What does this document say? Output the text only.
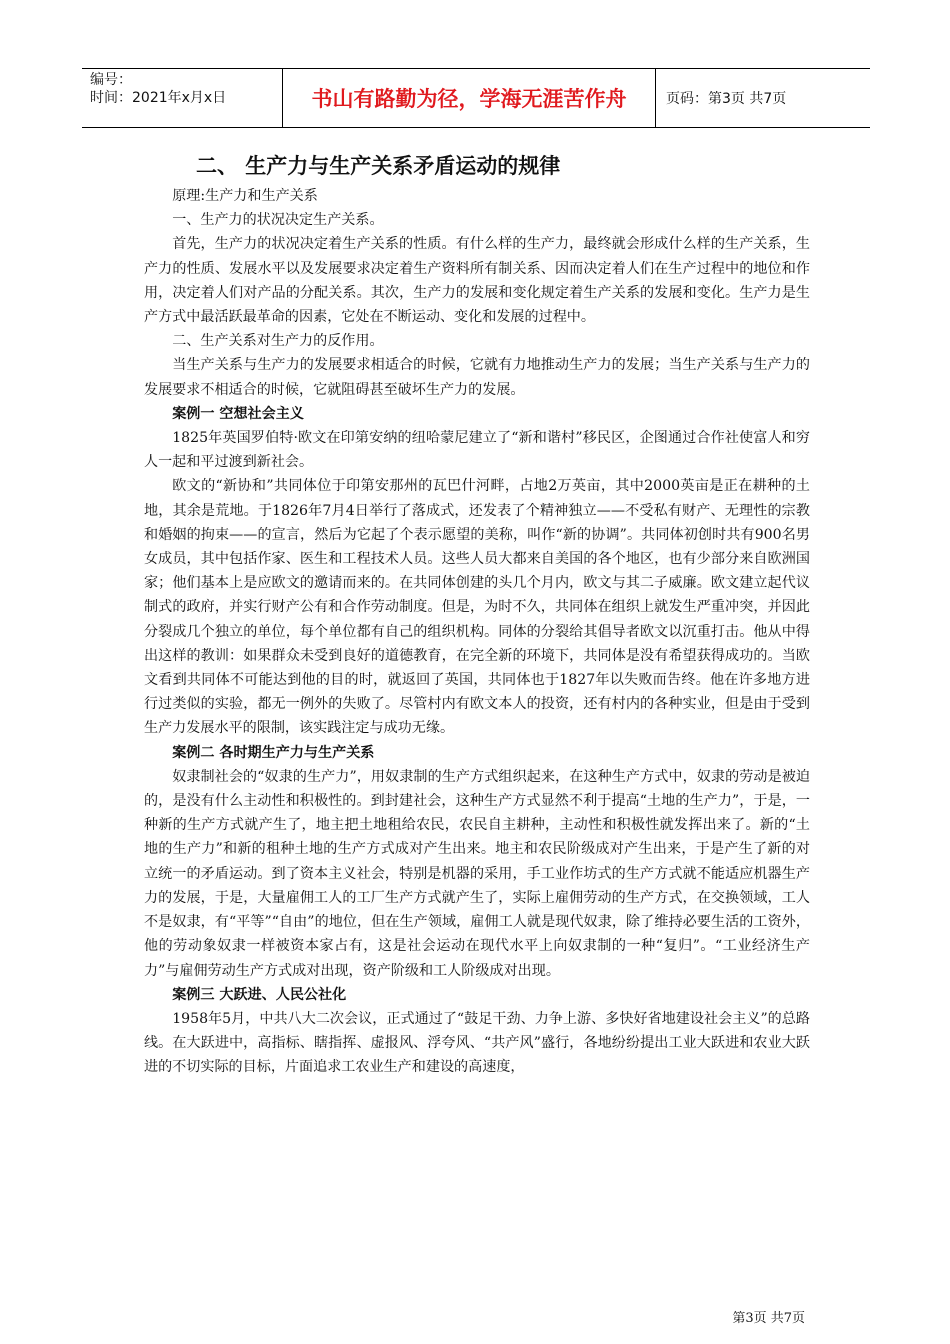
编号：
时间：2021年x月x日	书山有路勤为径，学海无涯苦作舟	页码：第3页 共7页
二、 生产力与生产关系矛盾运动的规律

原理:生产力和生产关系

一、生产力的状况决定生产关系。

首先，生产力的状况决定着生产关系的性质。有什么样的生产力，最终就会形成什么样的生产关系，生产力的性质、发展水平以及发展要求决定着生产资料所有制关系、因而决定着人们在生产过程中的地位和作用，决定着人们对产品的分配关系。其次，生产力的发展和变化规定着生产关系的发展和变化。生产力是生产方式中最活跃最革命的因素，它处在不断运动、变化和发展的过程中。

二、生产关系对生产力的反作用。

当生产关系与生产力的发展要求相适合的时候，它就有力地推动生产力的发展；当生产关系与生产力的发展要求不相适合的时候，它就阻碍甚至破坏生产力的发展。

案例一 空想社会主义

1825年英国罗伯特·欧文在印第安纳的纽哈蒙尼建立了“新和谐村”移民区，企图通过合作社使富人和穷人一起和平过渡到新社会。

欧文的“新协和”共同体位于印第安那州的瓦巴什河畔，占地2万英亩，其中2000英亩是正在耕种的土地，其余是荒地。于1826年7月4日举行了落成式，还发表了个精神独立——不受私有财产、无理性的宗教和婚姻的拘束——的宣言，然后为它起了个表示愿望的美称，叫作“新的协调”。共同体初创时共有900名男女成员，其中包括作家、医生和工程技术人员。这些人员大都来自美国的各个地区，也有少部分来自欧洲国家；他们基本上是应欧文的邀请而来的。在共同体创建的头几个月内，欧文与其二子威廉。欧文建立起代议制式的政府，并实行财产公有和合作劳动制度。但是，为时不久，共同体在组织上就发生严重冲突，并因此分裂成几个独立的单位，每个单位都有自己的组织机构。同体的分裂给其倡导者欧文以沉重打击。他从中得出这样的教训：如果群众未受到良好的道德教育，在完全新的环境下，共同体是没有希望获得成功的。当欧文看到共同体不可能达到他的目的时，就返回了英国，共同体也于1827年以失败而告终。他在许多地方进行过类似的实验，都无一例外的失败了。尽管村内有欧文本人的投资，还有村内的各种实业，但是由于受到生产力发展水平的限制，该实践注定与成功无缘。

案例二 各时期生产力与生产关系

奴隶制社会的“奴隶的生产力”，用奴隶制的生产方式组织起来，在这种生产方式中，奴隶的劳动是被迫的，是没有什么主动性和积极性的。到封建社会，这种生产方式显然不利于提高“土地的生产力”，于是，一种新的生产方式就产生了，地主把土地租给农民，农民自主耕种，主动性和积极性就发挥出来了。新的“土地的生产力”和新的租种土地的生产方式成对产生出来。地主和农民阶级成对产生出来，于是产生了新的对立统一的矛盾运动。到了资本主义社会，特别是机器的采用，手工业作坊式的生产方式就不能适应机器生产力的发展，于是，大量雇佣工人的工厂生产方式就产生了，实际上雇佣劳动的生产方式，在交换领域，工人不是奴隶，有“平等”“自由”的地位，但在生产领域，雇佣工人就是现代奴隶，除了维持必要生活的工资外，他的劳动象奴隶一样被资本家占有，这是社会运动在现代水平上向奴隶制的一种“复归”。“工业经济生产力”与雇佣劳动生产方式成对出现，资产阶级和工人阶级成对出现。

案例三 大跃进、人民公社化

1958年5月，中共八大二次会议，正式通过了“鼓足干劲、力争上游、多快好省地建设社会主义”的总路线。在大跃进中，高指标、瞎指挥、虚报风、浮夸风、“共产风”盛行，各地纷纷提出工业大跃进和农业大跃进的不切实际的目标，片面追求工农业生产和建设的高速度，

第3页 共7页
